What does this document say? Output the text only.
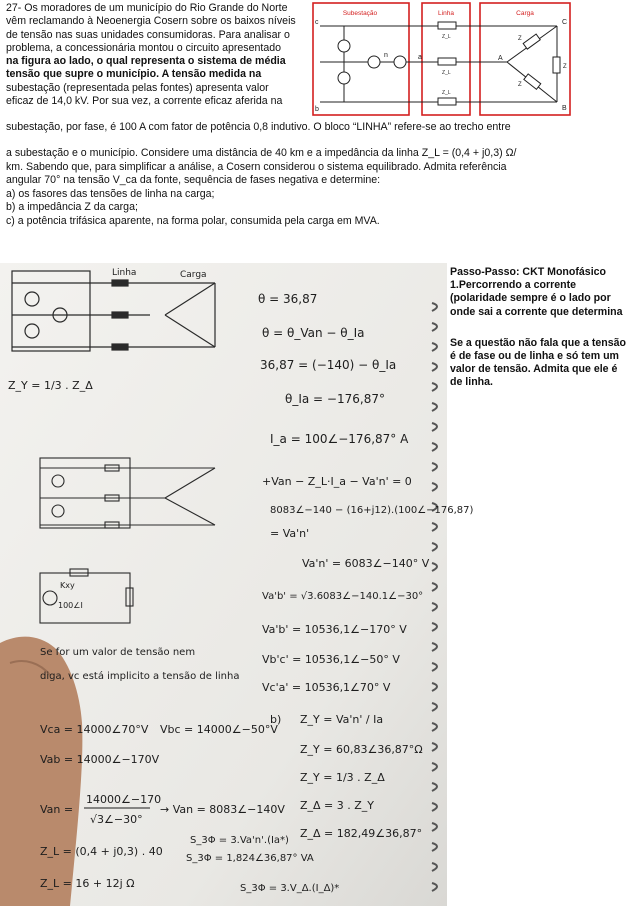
27- Os moradores de um município do Rio Grande do Norte

vêm reclamando à Neoenergia Cosern sobre os baixos níveis

de tensão nas suas unidades consumidoras. Para analisar o

problema, a concessionária montou o circuito apresentado

na figura ao lado, o qual representa o sistema de média

tensão que supre o município. A tensão medida na

subestação (representada pelas fontes) apresenta valor

eficaz de 14,0 kV. Por sua vez, a corrente eficaz aferida na

subestação, por fase, é 100 A com fator de potência 0,8 indutivo. O bloco “LINHA” refere-se ao trecho entre

a subestação e o município. Considere uma distância de 40 km e a impedância da linha Z_L = (0,4 + j0,3) Ω/

km. Sabendo que, para simplificar a análise, a Cosern considerou o sistema equilibrado. Admita referência

angular 70° na tensão V_ca da fonte, sequência de fases negativa e determine:

a) os fasores das tensões de linha na carga;

b) a impedância Z da carga;

c) a potência trifásica aparente, na forma polar, consumida pela carga em MVA.

Subestação	Linha	Carga
c
n	a
b
C
A
B
Z_L
Z_L
Z_L
Z
Z
Z
Linha	Carga
Kxy
100∠I
θ = 36,87
θ = θ_Van − θ_Ia
36,87 = (−140) − θ_Ia
θ_Ia = −176,87°
I_a = 100∠−176,87° A
+Van − Z_L·I_a − Va'n' = 0
8083∠−140 − (16+j12).(100∠−176,87)
= Va'n'
Va'n' = 6083∠−140° V
Va'b' = √3.6083∠−140.1∠−30°
Va'b' = 10536,1∠−170° V
Vb'c' = 10536,1∠−50° V
Vc'a' = 10536,1∠70° V
Z_Y = 1/3 . Z_Δ
Se for um valor de tensão nem
diga, vc está implicito a tensão de linha
Vca = 14000∠70°V Vbc = 14000∠−50°V
Vab = 14000∠−170V
Van =
14000∠−170
√3∠−30°
→ Van = 8083∠−140V
Z_L = (0,4 + j0,3) . 40
Z_L = 16 + 12j Ω
b) Z_Y = Va'n' / Ia
Z_Y = 60,83∠36,87°Ω
Z_Y = 1/3 . Z_Δ
Z_Δ = 3 . Z_Y
Z_Δ = 182,49∠36,87°
S_3Φ = 3.Va'n'.(Ia*)
S_3Φ = 1,824∠36,87° VA
S_3Φ = 3.V_Δ.(I_Δ)*

Passo-Passo: CKT Monofásico
1.Percorrendo a corrente (polaridade sempre é o lado por onde sai a corrente que determina

Se a questão não fala que a tensão é de fase ou de linha e só tem um valor de tensão. Admita que ele é de linha.
